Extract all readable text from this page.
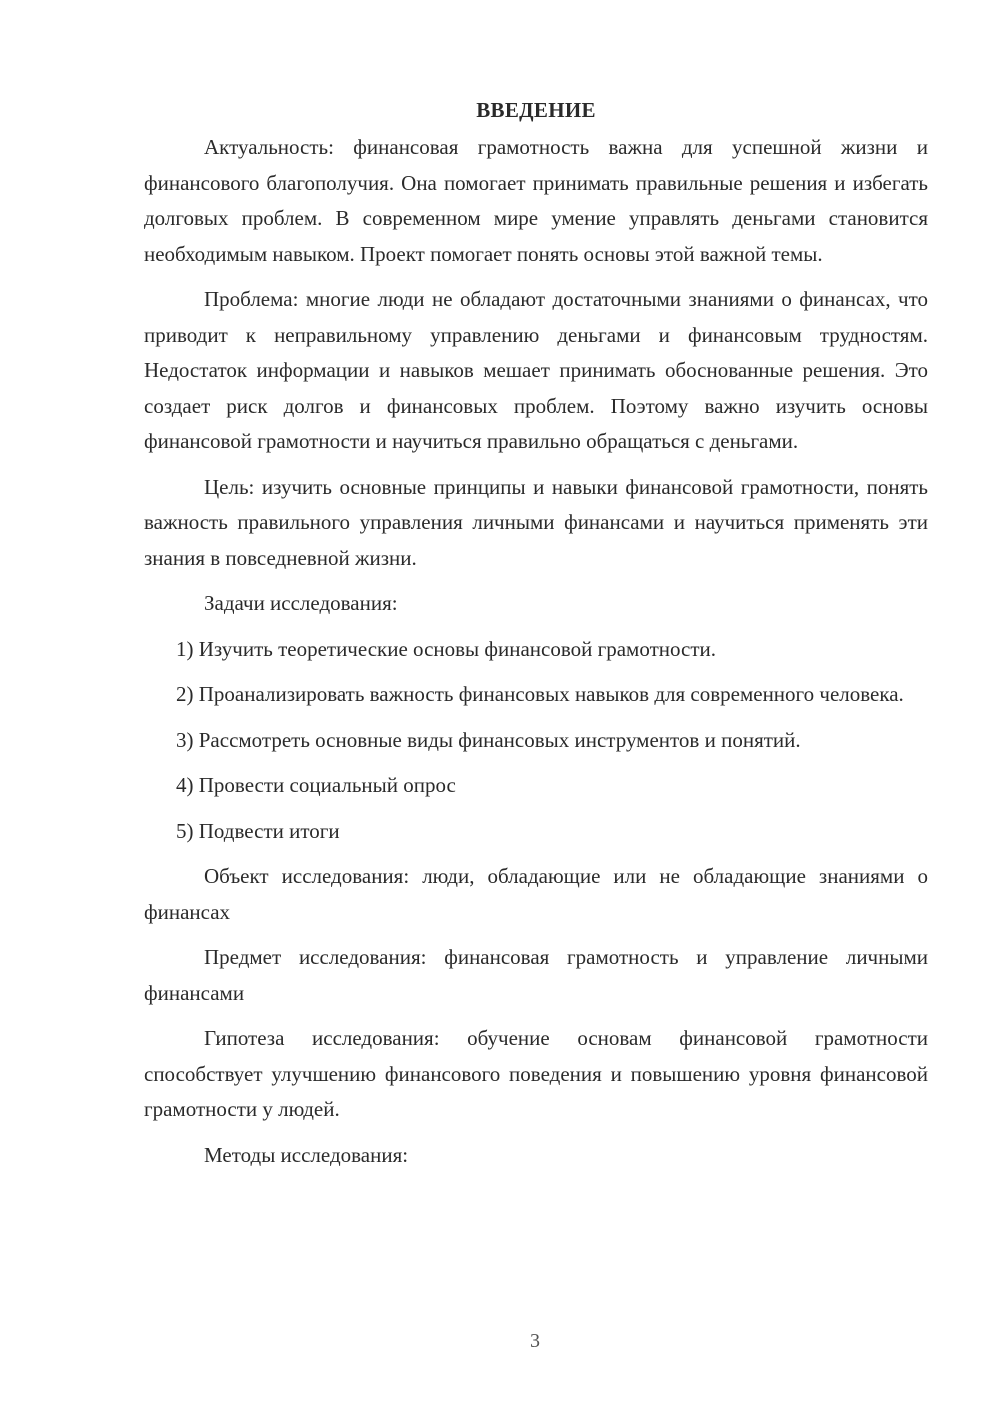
ВВЕДЕНИЕ

Актуальность: финансовая грамотность важна для успешной жизни и финансового благополучия. Она помогает принимать правильные решения и избегать долговых проблем. В современном мире умение управлять деньгами становится необходимым навыком. Проект помогает понять основы этой важной темы.

Проблема: многие люди не обладают достаточными знаниями о финансах, что приводит к неправильному управлению деньгами и финансовым трудностям. Недостаток информации и навыков мешает принимать обоснованные решения. Это создает риск долгов и финансовых проблем. Поэтому важно изучить основы финансовой грамотности и научиться правильно обращаться с деньгами.

Цель: изучить основные принципы и навыки финансовой грамотности, понять важность правильного управления личными финансами и научиться применять эти знания в повседневной жизни.

Задачи исследования:

1) Изучить теоретические основы финансовой грамотности.

2) Проанализировать важность финансовых навыков для современного человека.

3) Рассмотреть основные виды финансовых инструментов и понятий.

4) Провести социальный опрос

5) Подвести итоги

Объект исследования: люди, обладающие или не обладающие знаниями о финансах

Предмет исследования: финансовая грамотность и управление личными финансами

Гипотеза исследования: обучение основам финансовой грамотности способствует улучшению финансового поведения и повышению уровня финансовой грамотности у людей.

Методы исследования:

3
